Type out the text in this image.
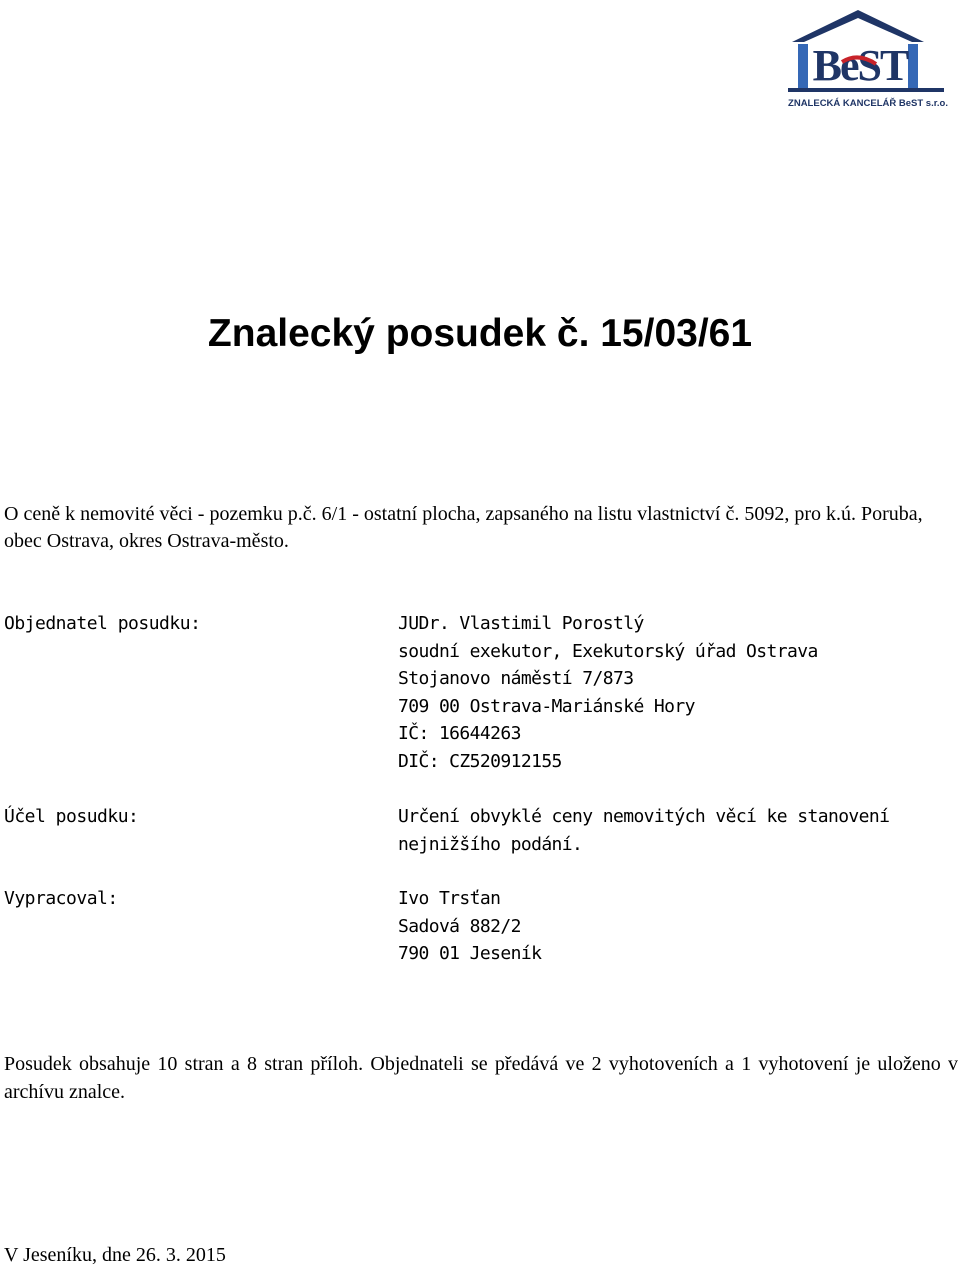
BeST
ZNALECKÁ KANCELÁŘ BeST s.r.o.
Znalecký posudek č. 15/03/61
O ceně k nemovité věci - pozemku p.č. 6/1 - ostatní plocha, zapsaného na listu vlastnictví č. 5092, pro k.ú. Poruba, obec Ostrava, okres Ostrava-město.
Objednatel posudku:	JUDr. Vlastimil Porostlý
soudní exekutor, Exekutorský úřad Ostrava
Stojanovo náměstí 7/873
709 00 Ostrava-Mariánské Hory
IČ: 16644263
DIČ: CZ520912155
Účel posudku:	Určení obvyklé ceny nemovitých věcí ke stanovení nejnižšího podání.
Vypracoval:	Ivo Trsťan
Sadová 882/2
790 01 Jeseník
Posudek obsahuje 10 stran a 8 stran příloh. Objednateli se předává ve 2 vyhotoveních a 1 vyhotovení je uloženo v archívu znalce.
V Jeseníku, dne 26. 3. 2015
